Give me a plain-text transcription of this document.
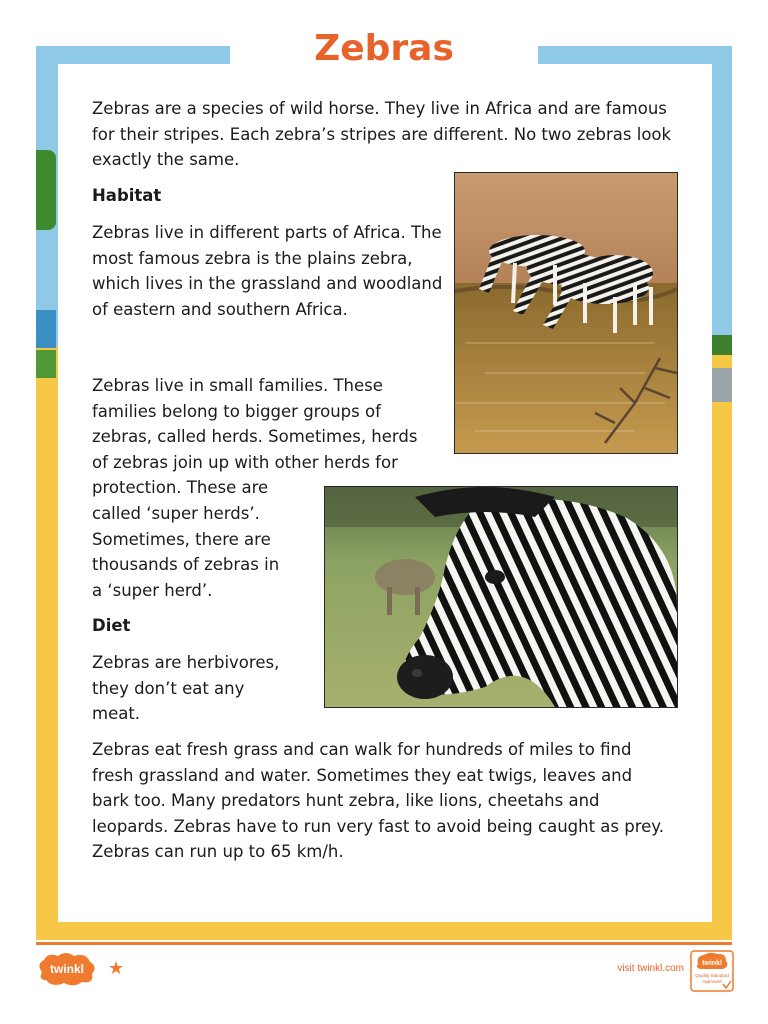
Zebras

Zebras are a species of wild horse. They live in Africa and are famous for their stripes. Each zebra’s stripes are different. No two zebras look exactly the same.

Habitat

Zebras live in different parts of Africa. The most famous zebra is the plains zebra, which lives in the grassland and woodland of eastern and southern Africa.

Zebras live in small families. These
families belong to bigger groups of
zebras, called herds. Sometimes, herds
of zebras join up with other herds for
protection. These are
called ‘super herds’.
Sometimes, there are
thousands of zebras in
a ‘super herd’.

Diet

Zebras are herbivores,
they don’t eat any
meat.

Zebras eat fresh grass and can walk for hundreds of miles to find fresh grassland and water. Sometimes they eat twigs, leaves and bark too. Many predators hunt zebra, like lions, cheetahs and leopards. Zebras have to run very fast to avoid being caught as prey. Zebras can run up to 65 km/h.

twinkl ★	visit twinkl.com	twinkl
Quality Standard
Approved
